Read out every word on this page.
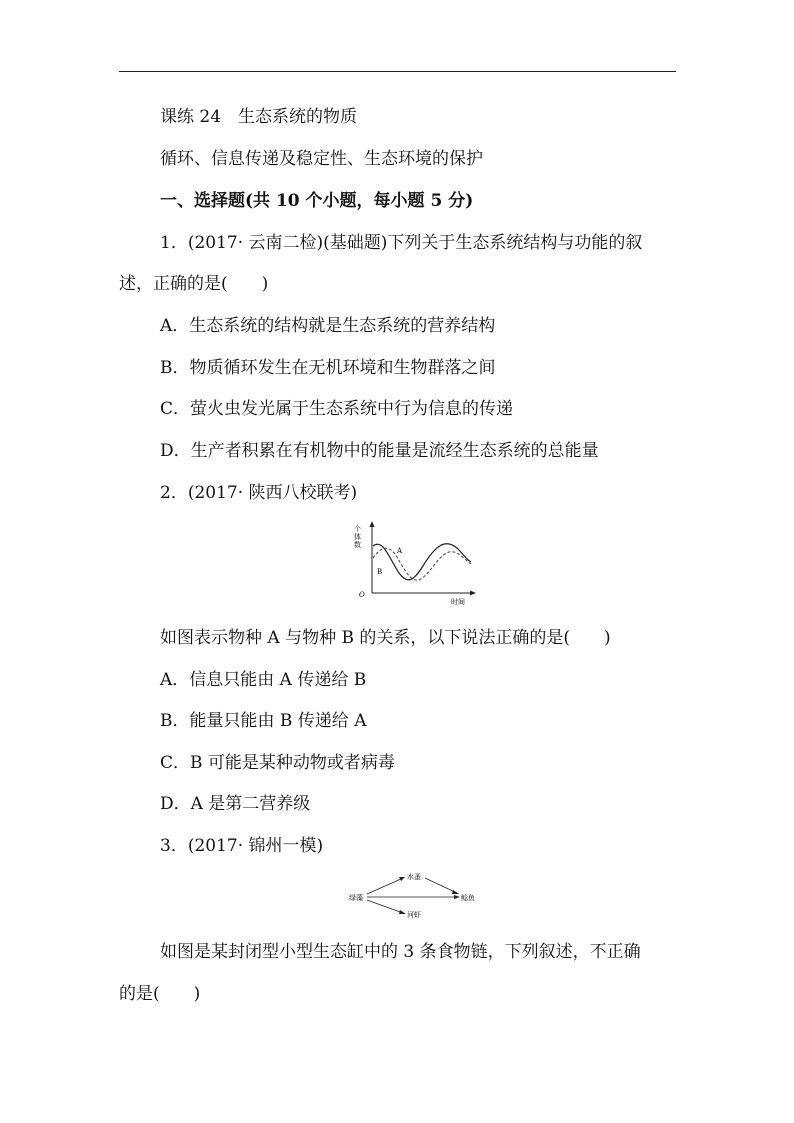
课练 24　生态系统的物质
循环、信息传递及稳定性、生态环境的保护
一、选择题(共 10 个小题，每小题 5 分)
1．(2017· 云南二检)(基础题)下列关于生态系统结构与功能的叙
述，正确的是(　　)
A．生态系统的结构就是生态系统的营养结构
B．物质循环发生在无机环境和生物群落之间
C．萤火虫发光属于生态系统中行为信息的传递
D．生产者积累在有机物中的能量是流经生态系统的总能量
2．(2017· 陕西八校联考)
个体数
O
时间
A
B
如图表示物种 A 与物种 B 的关系，以下说法正确的是(　　)
A．信息只能由 A 传递给 B
B．能量只能由 B 传递给 A
C．B 可能是某种动物或者病毒
D．A 是第二营养级
3．(2017· 锦州一模)
绿藻
水蚤
鲶鱼
河虾
如图是某封闭型小型生态缸中的 3 条食物链，下列叙述，不正确
的是(　　)
